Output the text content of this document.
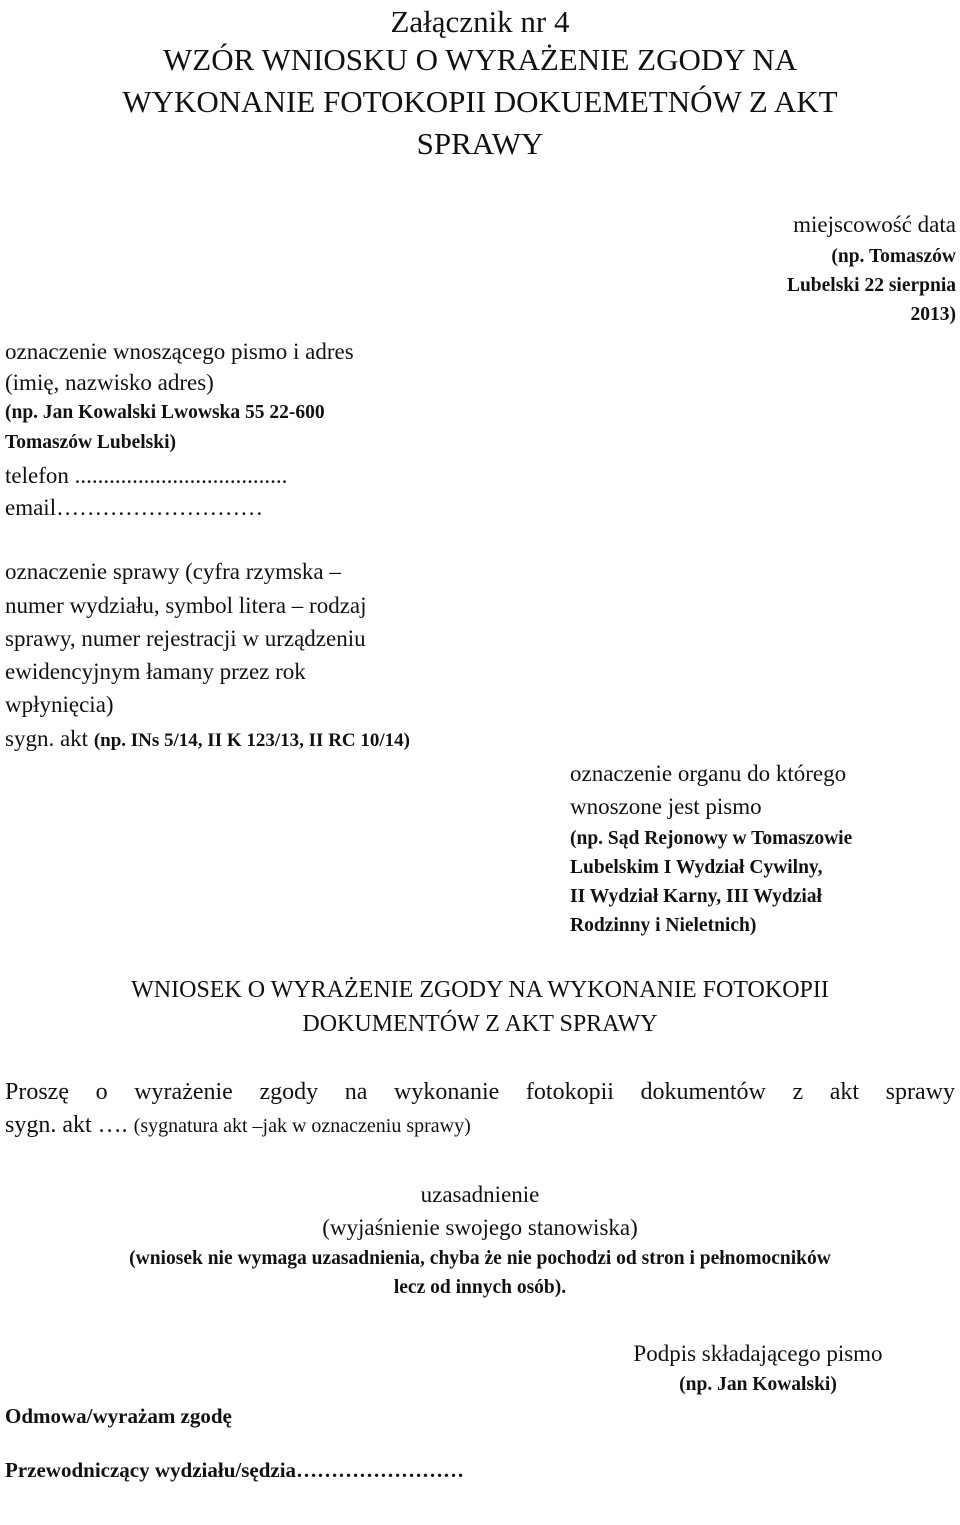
Załącznik nr 4

WZÓR WNIOSKU O WYRAŻENIE ZGODY NA

WYKONANIE FOTOKOPII DOKUEMETNÓW Z AKT

SPRAWY

miejscowość data

(np. Tomaszów

Lubelski 22 sierpnia

2013)

oznaczenie wnoszącego pismo i adres

(imię, nazwisko adres)

(np. Jan Kowalski Lwowska 55 22-600

Tomaszów Lubelski)

telefon .....................................

email………………………

oznaczenie sprawy (cyfra rzymska –

numer wydziału, symbol litera – rodzaj

sprawy, numer rejestracji w urządzeniu

ewidencyjnym łamany przez rok

wpłynięcia)

sygn. akt (np. INs 5/14, II K 123/13, II RC 10/14)

oznaczenie organu do którego

wnoszone jest pismo

(np. Sąd Rejonowy w Tomaszowie

Lubelskim I Wydział Cywilny,

II Wydział Karny, III Wydział

Rodzinny i Nieletnich)

WNIOSEK O WYRAŻENIE ZGODY NA WYKONANIE FOTOKOPII

DOKUMENTÓW Z AKT SPRAWY

Proszę o wyrażenie zgody na wykonanie fotokopii dokumentów z akt sprawy

sygn. akt …. (sygnatura akt –jak w oznaczeniu sprawy)

uzasadnienie

(wyjaśnienie swojego stanowiska)

(wniosek nie wymaga uzasadnienia, chyba że nie pochodzi od stron i pełnomocników

lecz od innych osób).

Podpis składającego pismo

(np. Jan Kowalski)

Odmowa/wyrażam zgodę

Przewodniczący wydziału/sędzia……………………
